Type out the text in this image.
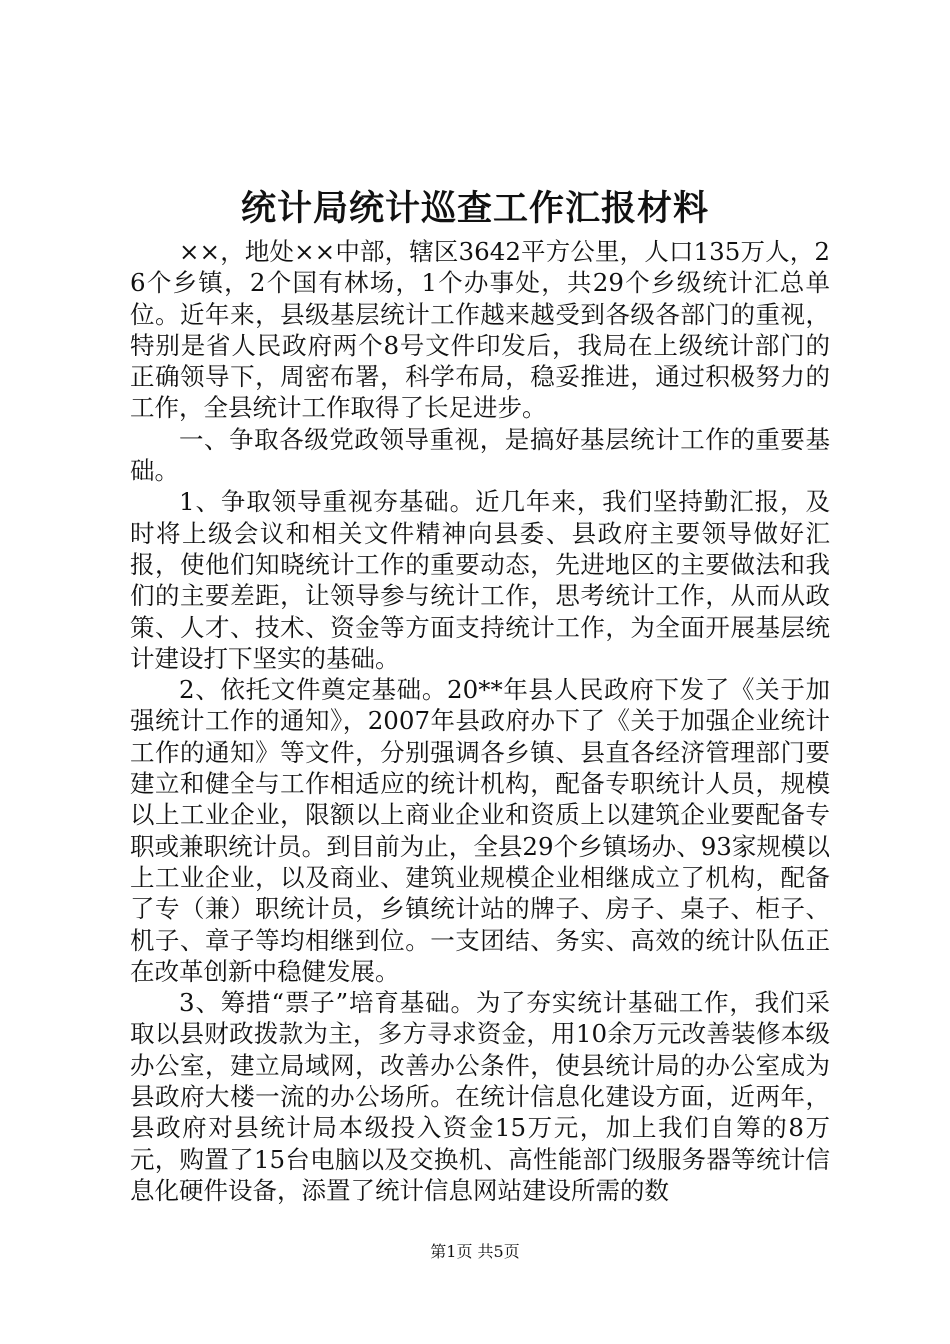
统计局统计巡查工作汇报材料

××，地处××中部，辖区3642平方公里，人口135万人，26个乡镇，2个国有林场，1个办事处，共29个乡级统计汇总单位。近年来，县级基层统计工作越来越受到各级各部门的重视，特别是省人民政府两个8号文件印发后，我局在上级统计部门的正确领导下，周密布署，科学布局，稳妥推进，通过积极努力的工作，全县统计工作取得了长足进步。

一、争取各级党政领导重视，是搞好基层统计工作的重要基础。

1、争取领导重视夯基础。近几年来，我们坚持勤汇报，及时将上级会议和相关文件精神向县委、县政府主要领导做好汇报，使他们知晓统计工作的重要动态，先进地区的主要做法和我们的主要差距，让领导参与统计工作，思考统计工作，从而从政策、人才、技术、资金等方面支持统计工作，为全面开展基层统计建设打下坚实的基础。

2、依托文件奠定基础。20**年县人民政府下发了《关于加强统计工作的通知》，2007年县政府办下了《关于加强企业统计工作的通知》等文件，分别强调各乡镇、县直各经济管理部门要建立和健全与工作相适应的统计机构，配备专职统计人员，规模以上工业企业，限额以上商业企业和资质上以建筑企业要配备专职或兼职统计员。到目前为止，全县29个乡镇场办、93家规模以上工业企业，以及商业、建筑业规模企业相继成立了机构，配备了专（兼）职统计员，乡镇统计站的牌子、房子、桌子、柜子、机子、章子等均相继到位。一支团结、务实、高效的统计队伍正在改革创新中稳健发展。

3、筹措“票子”培育基础。为了夯实统计基础工作，我们采取以县财政拨款为主，多方寻求资金，用10余万元改善装修本级办公室，建立局域网，改善办公条件，使县统计局的办公室成为县政府大楼一流的办公场所。在统计信息化建设方面，近两年，县政府对县统计局本级投入资金15万元，加上我们自筹的8万元，购置了15台电脑以及交换机、高性能部门级服务器等统计信息化硬件设备，添置了统计信息网站建设所需的数

第1页 共5页
